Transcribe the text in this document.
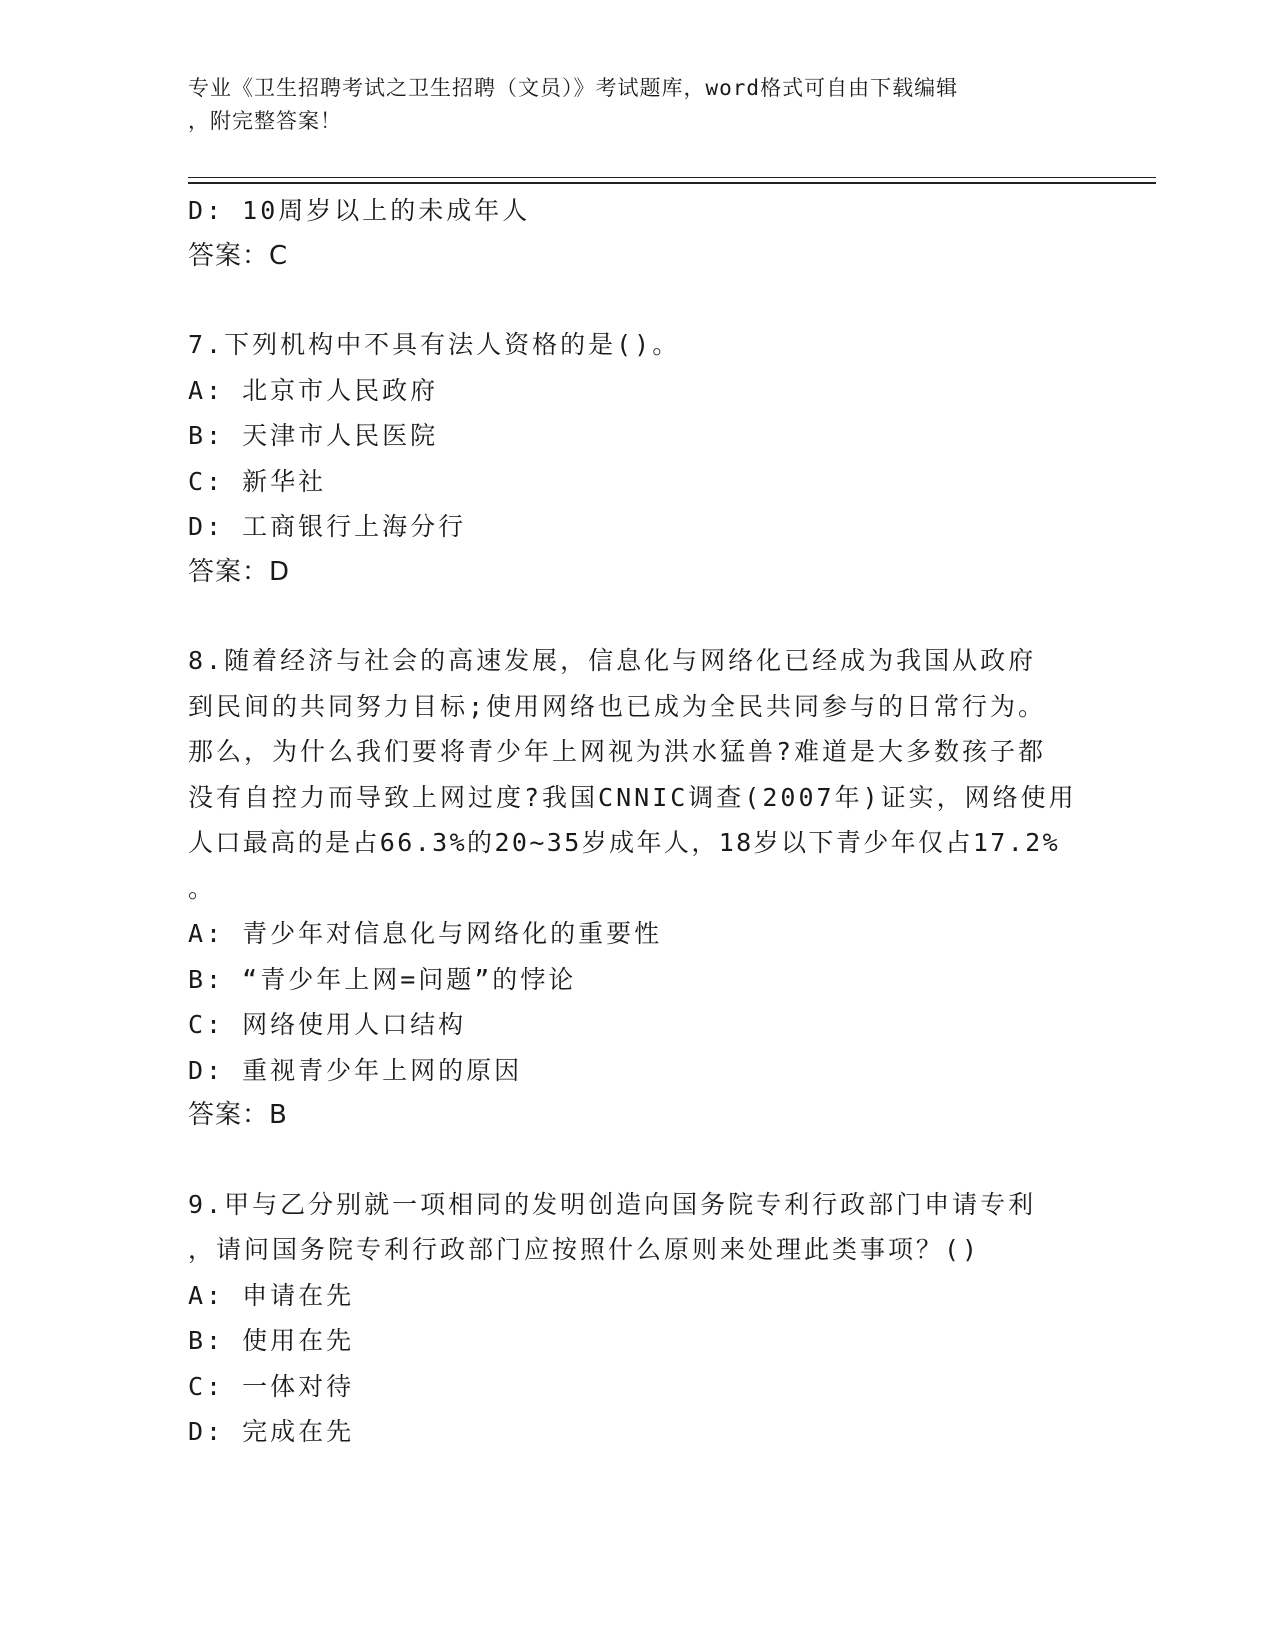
专业《卫生招聘考试之卫生招聘（文员）》考试题库，word格式可自由下载编辑
，附完整答案！
D: 10周岁以上的未成年人
答案：C
7.下列机构中不具有法人资格的是()。
A: 北京市人民政府
B: 天津市人民医院
C: 新华社
D: 工商银行上海分行
答案：D
8.随着经济与社会的高速发展，信息化与网络化已经成为我国从政府
到民间的共同努力目标;使用网络也已成为全民共同参与的日常行为。
那么，为什么我们要将青少年上网视为洪水猛兽?难道是大多数孩子都
没有自控力而导致上网过度?我国CNNIC调查(2007年)证实，网络使用
人口最高的是占66.3%的20~35岁成年人，18岁以下青少年仅占17.2%
。
A: 青少年对信息化与网络化的重要性
B: “青少年上网=问题”的悖论
C: 网络使用人口结构
D: 重视青少年上网的原因
答案：B
9.甲与乙分别就一项相同的发明创造向国务院专利行政部门申请专利
，请问国务院专利行政部门应按照什么原则来处理此类事项？()
A: 申请在先
B: 使用在先
C: 一体对待
D: 完成在先
